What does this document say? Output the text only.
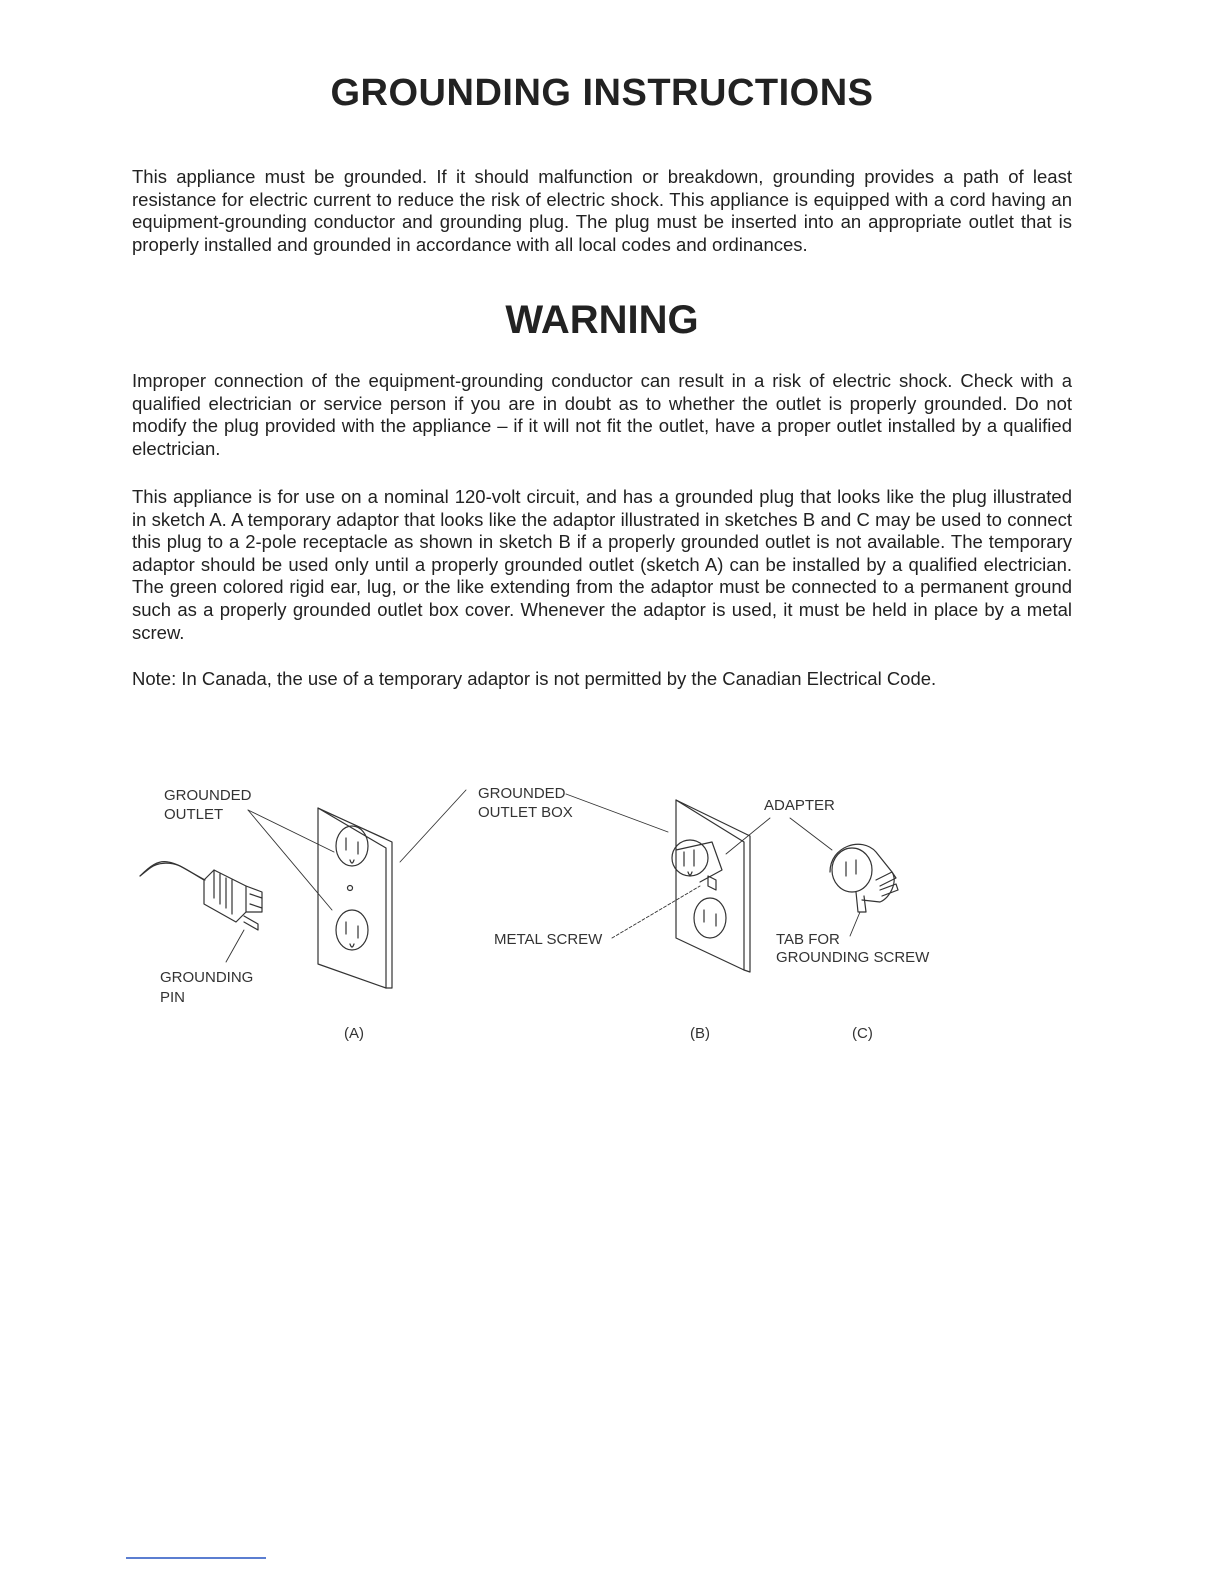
GROUNDING INSTRUCTIONS
This appliance must be grounded. If it should malfunction or breakdown, grounding provides a path of least resistance for electric current to reduce the risk of electric shock. This appliance is equipped with a cord having an equipment-grounding conductor and grounding plug. The plug must be inserted into an appropriate outlet that is properly installed and grounded in accordance with all local codes and ordinances.
WARNING
Improper connection of the equipment-grounding conductor can result in a risk of electric shock. Check with a qualified electrician or service person if you are in doubt as to whether the outlet is properly grounded. Do not modify the plug provided with the appliance – if it will not fit the outlet, have a proper outlet installed by a qualified electrician.
This appliance is for use on a nominal 120-volt circuit, and has a grounded plug that looks like the plug illustrated in sketch A. A temporary adaptor that looks like the adaptor illustrated in sketches B and C may be used to connect this plug to a 2-pole receptacle as shown in sketch B if a properly grounded outlet is not available. The temporary adaptor should be used only until a properly grounded outlet (sketch A) can be installed by a qualified electrician. The green colored rigid ear, lug, or the like extending from the adaptor must be connected to a permanent ground such as a properly grounded outlet box cover. Whenever the adaptor is used, it must be held in place by a metal screw.
Note: In Canada, the use of a temporary adaptor is not permitted by the Canadian Electrical Code.
GROUNDED
OUTLET
GROUNDING
PIN
GROUNDED
OUTLET BOX	ADAPTER
METAL SCREW	TAB FOR
GROUNDING SCREW
(A)	(B)	(C)
